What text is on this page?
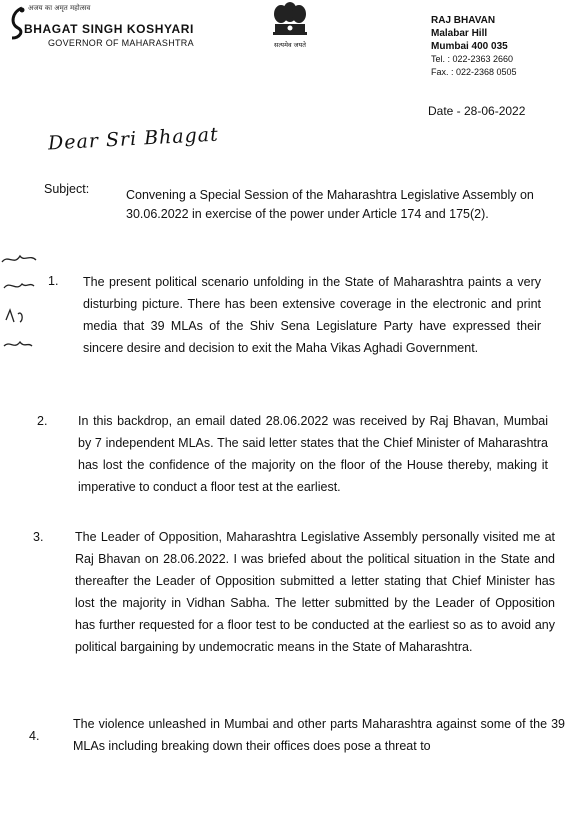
अजय का अमृत महोत्सव
BHAGAT SINGH KOSHYARI
GOVERNOR OF MAHARASHTRA	सत्यमेव जयते
RAJ BHAVAN
Malabar Hill
Mumbai 400 035
Tel. : 022-2363 2660
Fax. : 022-2368 0505
Date - 28-06-2022
Dear Sri Bhagat
Subject:	Convening a Special Session of the Maharashtra Legislative Assembly on 30.06.2022 in exercise of the power under Article 174 and 175(2).
1. The present political scenario unfolding in the State of Maharashtra paints a very disturbing picture. There has been extensive coverage in the electronic and print media that 39 MLAs of the Shiv Sena Legislature Party have expressed their sincere desire and decision to exit the Maha Vikas Aghadi Government.
2. In this backdrop, an email dated 28.06.2022 was received by Raj Bhavan, Mumbai by 7 independent MLAs. The said letter states that the Chief Minister of Maharashtra has lost the confidence of the majority on the floor of the House thereby, making it imperative to conduct a floor test at the earliest.
3.	The Leader of Opposition, Maharashtra Legislative Assembly personally visited me at Raj Bhavan on 28.06.2022. I was briefed about the political situation in the State and thereafter the Leader of Opposition submitted a letter stating that Chief Minister has lost the majority in Vidhan Sabha. The letter submitted by the Leader of Opposition has further requested for a floor test to be conducted at the earliest so as to avoid any political bargaining by undemocratic means in the State of Maharashtra.
4.
The violence unleashed in Mumbai and other parts Maharashtra against some of the 39 MLAs including breaking down their offices does pose a threat to
